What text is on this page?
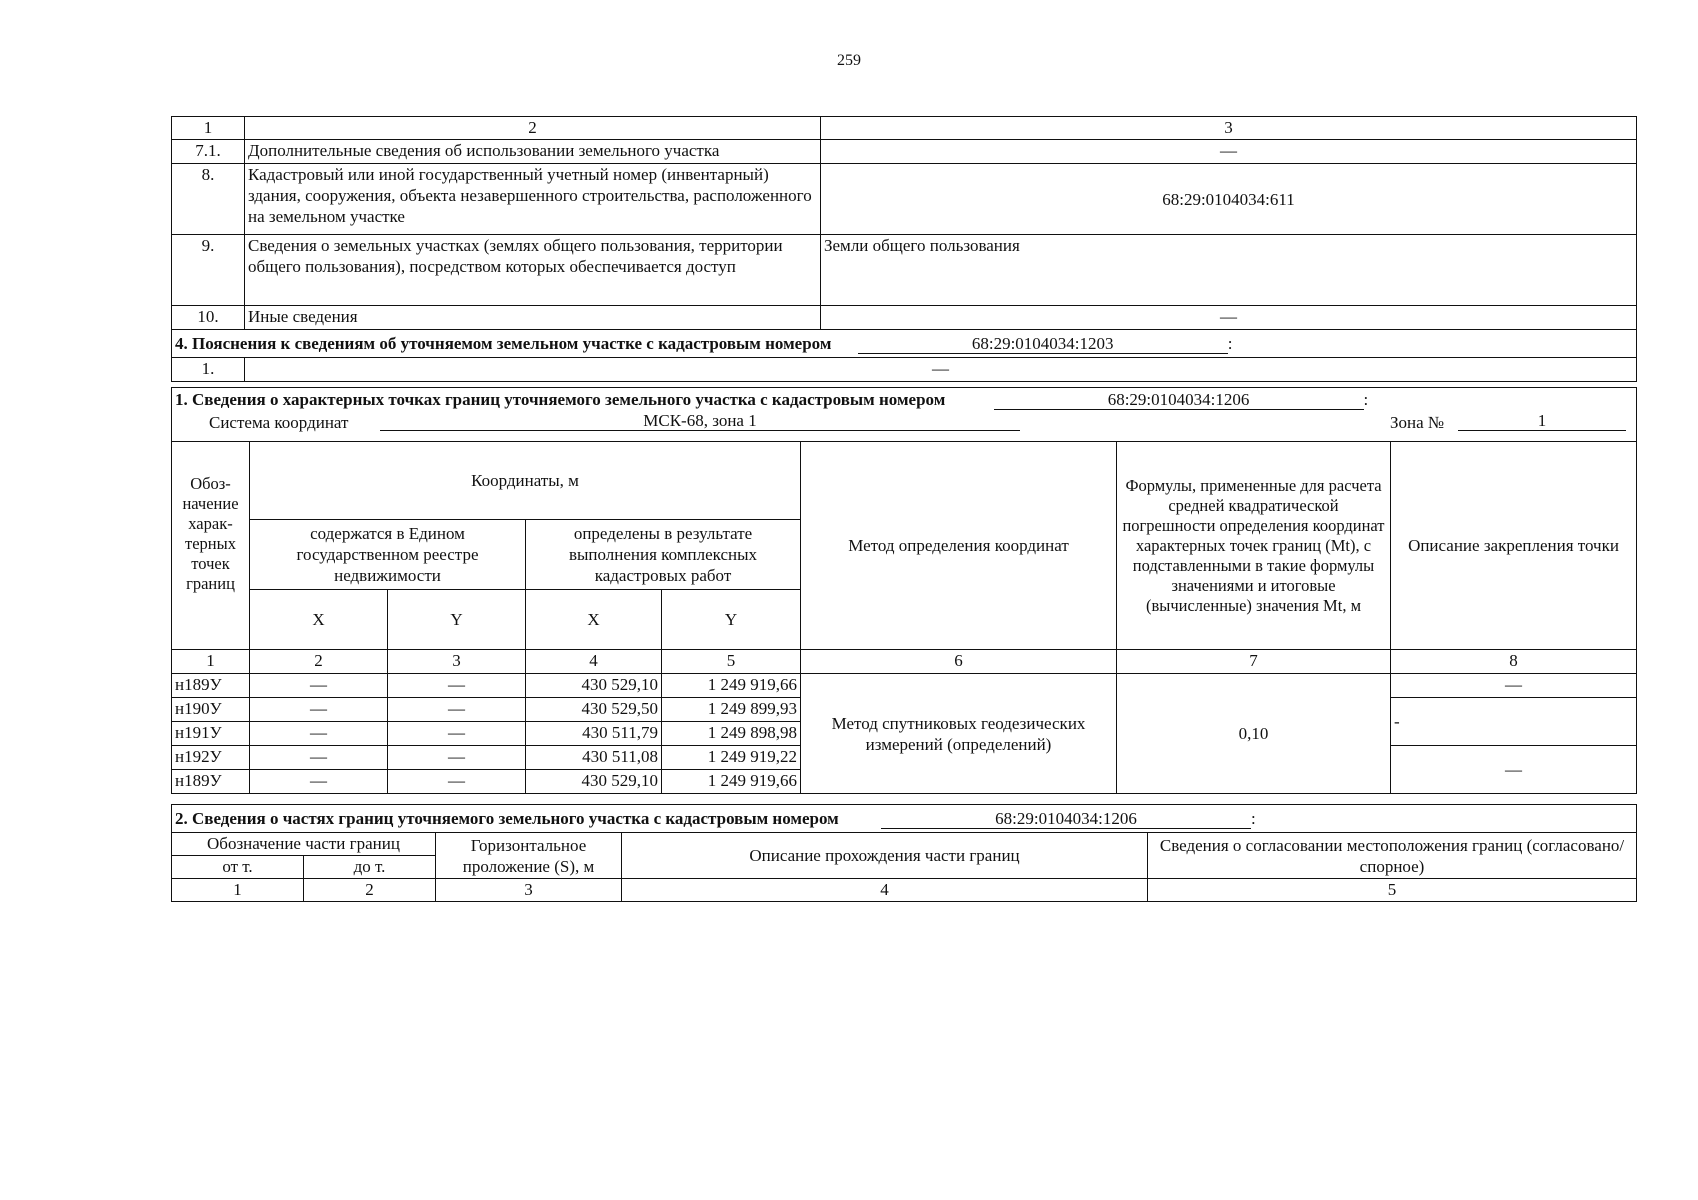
259
1	2	3
7.1.	Дополнительные сведения об использовании земельного участка	—
8.	Кадастровый или иной государственный учетный номер (инвентарный) здания, сооружения, объекта незавершенного строительства, расположенного на земельном участке	68:29:0104034:611
9.	Сведения о земельных участках (землях общего пользования, территории общего пользования), посредством которых обеспечивается доступ	Земли общего пользования
10.	Иные сведения	—
4. Пояснения к сведениям об уточняемом земельном участке с кадастровым номером 68:29:0104034:1203 :		
1.	—	
1. Сведения о характерных точках границ уточняемого земельного участка с кадастровым номером 68:29:0104034:1206 :
Система координат МСК-68, зона 1 Зона № 1							

Обоз-начение харак-терных точек границ	Координаты, м				Метод определения координат	Формулы, примененные для расчета средней квадратической погрешности определения координат характерных точек границ (Mt), с подставленными в такие формулы значениями и итоговые (вычисленные) значения Mt, м	Описание закрепления точки
	содержатся в Едином государственном реестре недвижимости		определены в результате выполнения комплексных кадастровых работ				
	X	Y	X	Y			
1	2	3	4	5	6	7	8
н189У	—	—	430 529,10	1 249 919,66	Метод спутниковых геодезических измерений (определений)	0,10	—
н190У	—	—	430 529,50	1 249 899,93			-
н191У	—	—	430 511,79	1 249 898,98			
н192У	—	—	430 511,08	1 249 919,22			—
н189У	—	—	430 529,10	1 249 919,66			
2. Сведения о частях границ уточняемого земельного участка с кадастровым номером 68:29:0104034:1206 :				
Обозначение части границ		Горизонтальное проложение (S), м	Описание прохождения части границ	Сведения о согласовании местоположения границ (согласовано/спорное)
от т.	до т.			
1	2	3	4	5
